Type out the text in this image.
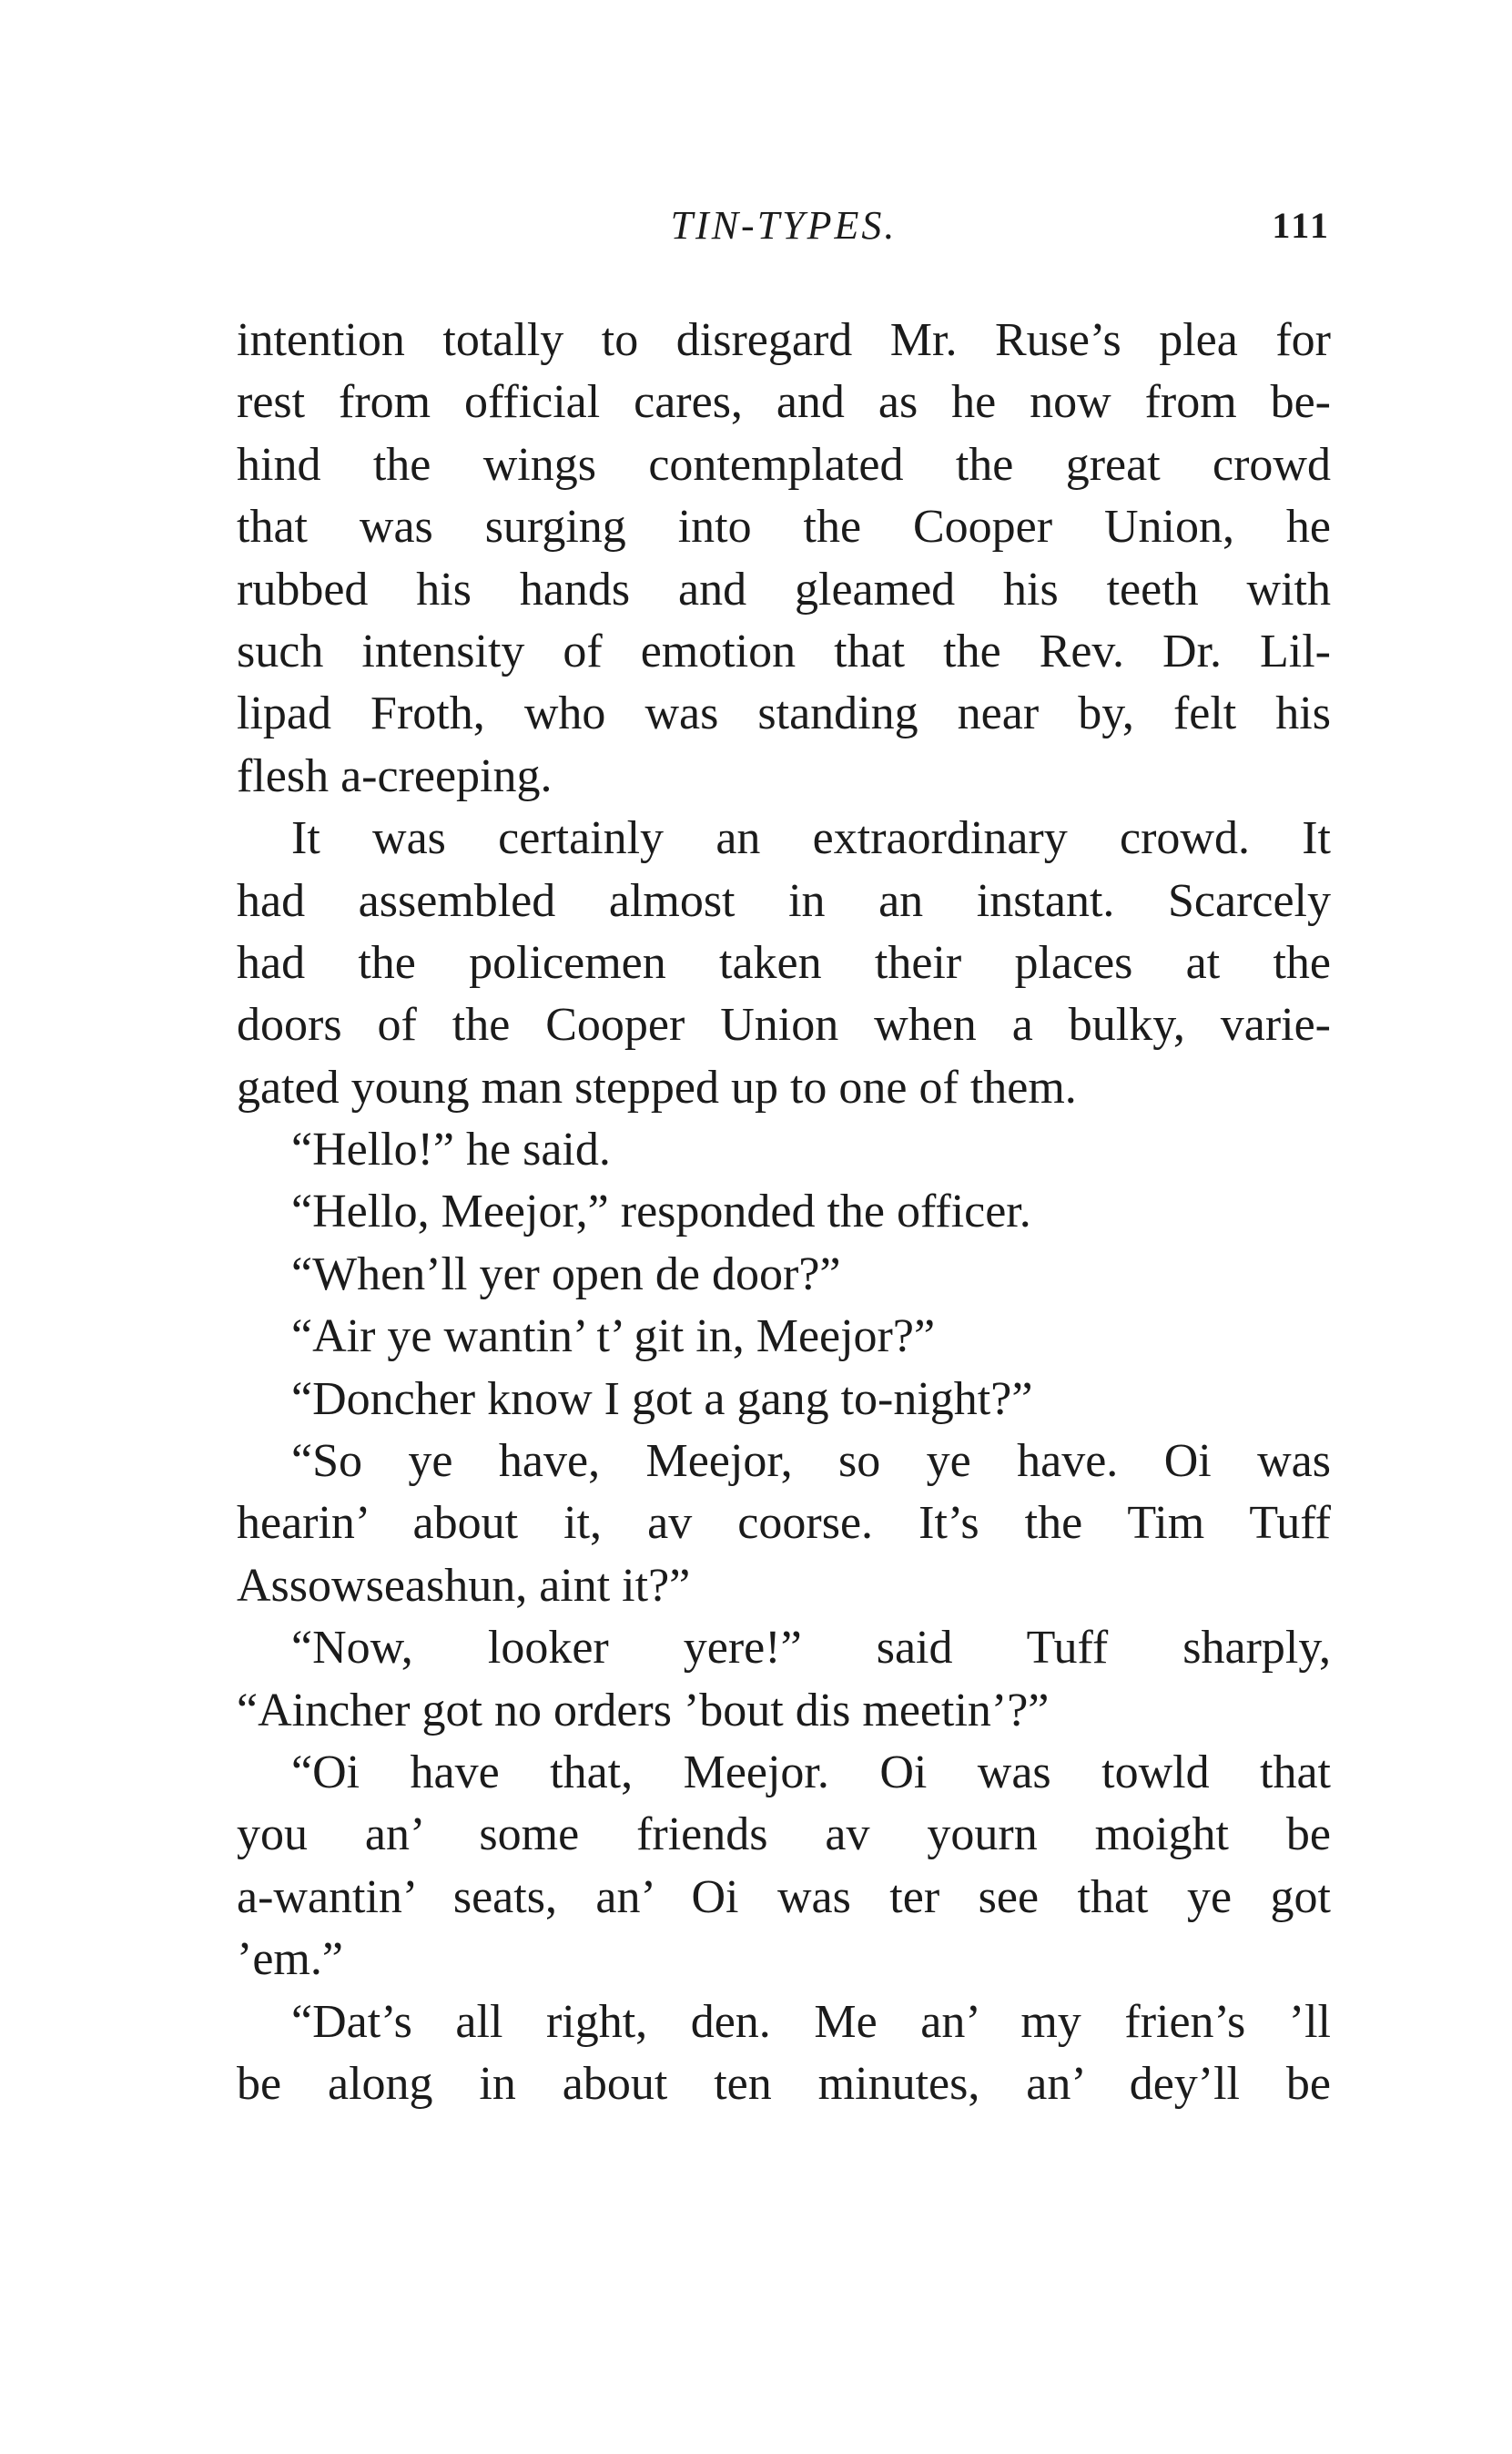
TIN-TYPES.	111
intention totally to disregard Mr. Ruse’s plea for
rest from official cares, and as he now from be-
hind the wings contemplated the great crowd
that was surging into the Cooper Union, he
rubbed his hands and gleamed his teeth with
such intensity of emotion that the Rev. Dr. Lil-
lipad Froth, who was standing near by, felt his
flesh a-creeping.
It was certainly an extraordinary crowd. It
had assembled almost in an instant. Scarcely
had the policemen taken their places at the
doors of the Cooper Union when a bulky, varie-
gated young man stepped up to one of them.
“Hello!” he said.
“Hello, Meejor,” responded the officer.
“When’ll yer open de door?”
“Air ye wantin’ t’ git in, Meejor?”
“Doncher know I got a gang to-night?”
“So ye have, Meejor, so ye have. Oi was
hearin’ about it, av coorse. It’s the Tim Tuff
Assowseashun, aint it?”
“Now, looker yere!” said Tuff sharply,
“Aincher got no orders ’bout dis meetin’?”
“Oi have that, Meejor. Oi was towld that
you an’ some friends av yourn moight be
a-wantin’ seats, an’ Oi was ter see that ye got
’em.”
“Dat’s all right, den. Me an’ my frien’s ’ll
be along in about ten minutes, an’ dey’ll be
